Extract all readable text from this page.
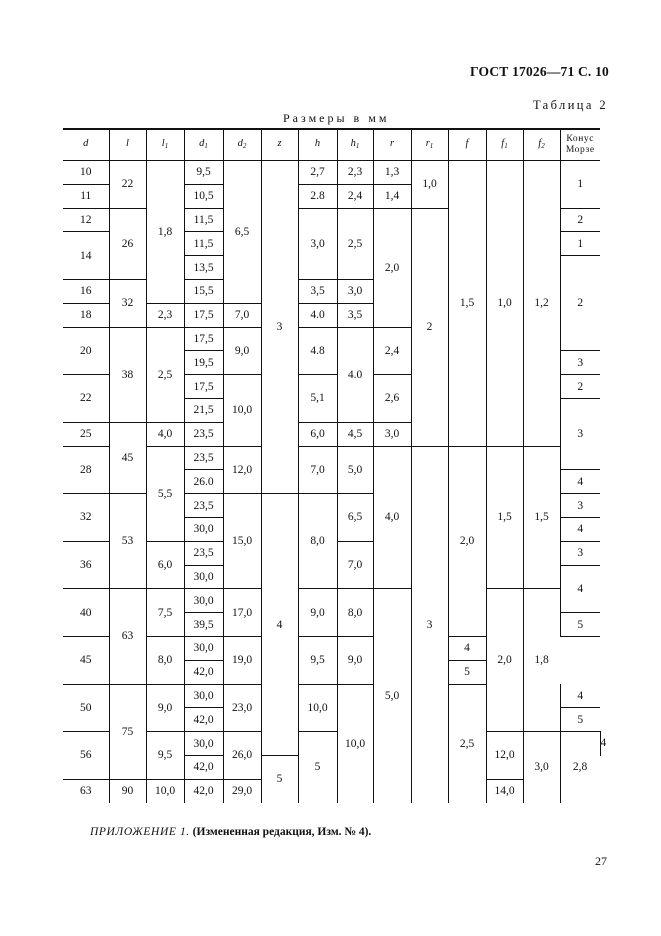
ГОСТ 17026—71 С. 10
Таблица 2
Размеры в мм
d	l	$l_1$	$d_1$	$d_2$	z	h	$h_1$	r	$r_1$	f	$f_1$	$f_2$	Конус
Морзе	
10	22	1,8	9,5	6,5	3	2,7	2,3	1,3	1,0	1,5	1,0	1,2	1	
11			10,5			2.8	2,4	1,4						
12	26		11,5			3,0	2,5	2,0	2				2	
14			11,5										1	
			13,5										2	
16	32		15,5			3,5	3,0							
18		2,3	17,5	7,0		4.0	3,5							
20	38	2,5	17,5	9,0		4.8	4.0	2,4						
			19,5										3	
22			17,5	10,0		5,1		2,6					2	
			21,5										3	
25	45	4,0	23,5			6,0	4,5	3,0						
28		5,5	23,5	12,0		7,0	5,0	4,0	3	2,0	1,5	1,5		
			26.0										4	
32	53		23,5	15,0	4	8,0	6,5						3	
			30,0										4	
36		6,0	23,5				7,0						3	
			30,0										4	
40	63	7,5	30,0	17,0		9,0	8,0	5,0			2,0	1,8		
			39,5										5	
45		8,0	30,0	19,0		9,5	9,0			4				
			42,0							5				
50	75	9,0	30,0	23,0		10,0	10,0			2,5			4	
			42,0										5	
56		9,5	30,0	26,0		5					12,0	3,0	2,8	4
			42,0		5									
63	90	10,0	42,0	29,0							14,0			
ПРИЛОЖЕНИЕ 1. (Измененная редакция, Изм. № 4).
27
